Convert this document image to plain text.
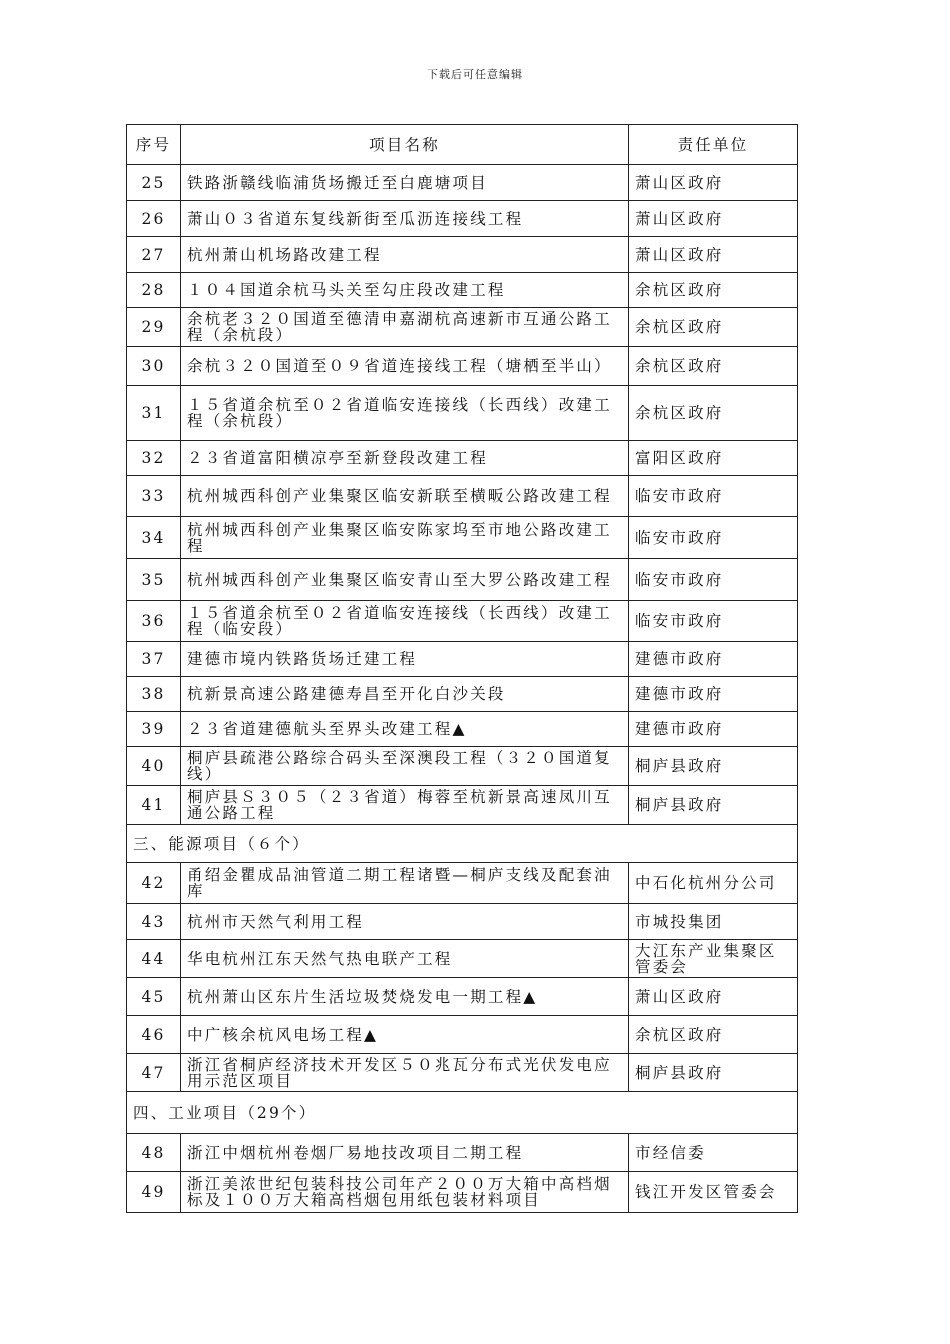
下载后可任意编辑
序号	项目名称	责任单位
25	铁路浙赣线临浦货场搬迁至白鹿塘项目	萧山区政府
26	萧山０３省道东复线新街至瓜沥连接线工程	萧山区政府
27	杭州萧山机场路改建工程	萧山区政府
28	１０４国道余杭马头关至勾庄段改建工程	余杭区政府
29	余杭老３２０国道至德清申嘉湖杭高速新市互通公路工程（余杭段）	余杭区政府
30	余杭３２０国道至０９省道连接线工程（塘栖至半山）	余杭区政府
31	１５省道余杭至０２省道临安连接线（长西线）改建工程（余杭段）	余杭区政府
32	２３省道富阳横凉亭至新登段改建工程	富阳区政府
33	杭州城西科创产业集聚区临安新联至横畈公路改建工程	临安市政府
34	杭州城西科创产业集聚区临安陈家坞至市地公路改建工程	临安市政府
35	杭州城西科创产业集聚区临安青山至大罗公路改建工程	临安市政府
36	１５省道余杭至０２省道临安连接线（长西线）改建工程（临安段）	临安市政府
37	建德市境内铁路货场迁建工程	建德市政府
38	杭新景高速公路建德寿昌至开化白沙关段	建德市政府
39	２３省道建德航头至界头改建工程▲	建德市政府
40	桐庐县疏港公路综合码头至深澳段工程（３２０国道复线）	桐庐县政府
41	桐庐县Ｓ３０５（２３省道）梅蓉至杭新景高速凤川互通公路工程	桐庐县政府
三、能源项目（６个）		
42	甬绍金瞿成品油管道二期工程诸暨—桐庐支线及配套油库	中石化杭州分公司
43	杭州市天然气利用工程	市城投集团
44	华电杭州江东天然气热电联产工程	大江东产业集聚区管委会
45	杭州萧山区东片生活垃圾焚烧发电一期工程▲	萧山区政府
46	中广核余杭风电场工程▲	余杭区政府
47	浙江省桐庐经济技术开发区５０兆瓦分布式光伏发电应用示范区项目	桐庐县政府
四、工业项目（29个）		
48	浙江中烟杭州卷烟厂易地技改项目二期工程	市经信委
49	浙江美浓世纪包装科技公司年产２００万大箱中高档烟标及１００万大箱高档烟包用纸包装材料项目	钱江开发区管委会
